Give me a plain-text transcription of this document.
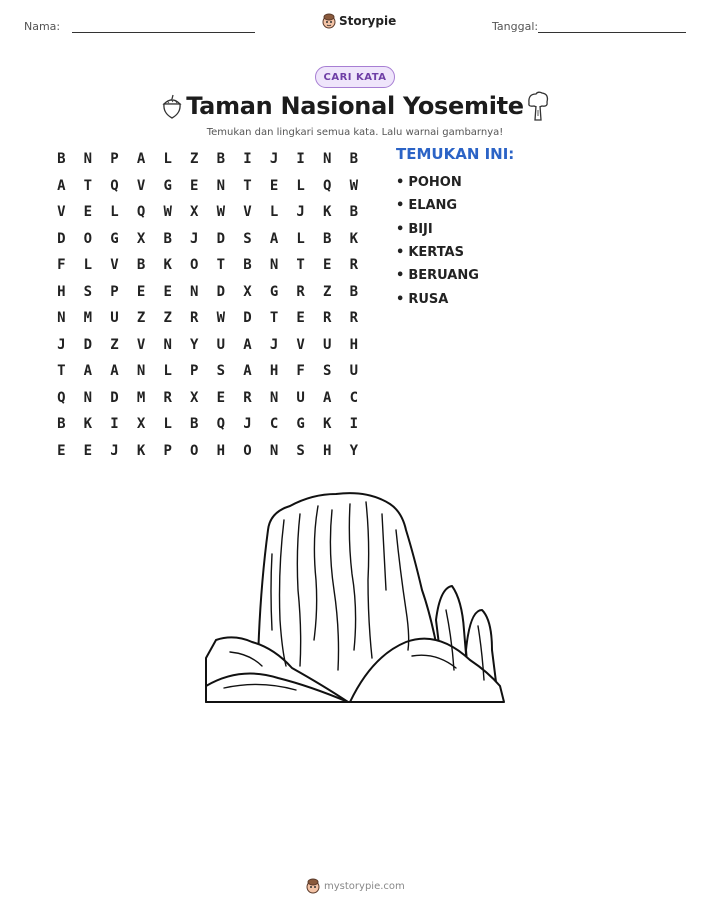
Nama:	Storypie	Tanggal:
CARI KATA
Taman Nasional Yosemite
Temukan dan lingkari semua kata. Lalu warnai gambarnya!
B	N	P	A	L	Z	B	I	J	I	N	B
A	T	Q	V	G	E	N	T	E	L	Q	W
V	E	L	Q	W	X	W	V	L	J	K	B
D	O	G	X	B	J	D	S	A	L	B	K
F	L	V	B	K	O	T	B	N	T	E	R
H	S	P	E	E	N	D	X	G	R	Z	B
N	M	U	Z	Z	R	W	D	T	E	R	R
J	D	Z	V	N	Y	U	A	J	V	U	H
T	A	A	N	L	P	S	A	H	F	S	U
Q	N	D	M	R	X	E	R	N	U	A	C
B	K	I	X	L	B	Q	J	C	G	K	I
E	E	J	K	P	O	H	O	N	S	H	Y
TEMUKAN INI:
• POHON
• ELANG
• BIJI
• KERTAS
• BERUANG
• RUSA
mystorypie.com
